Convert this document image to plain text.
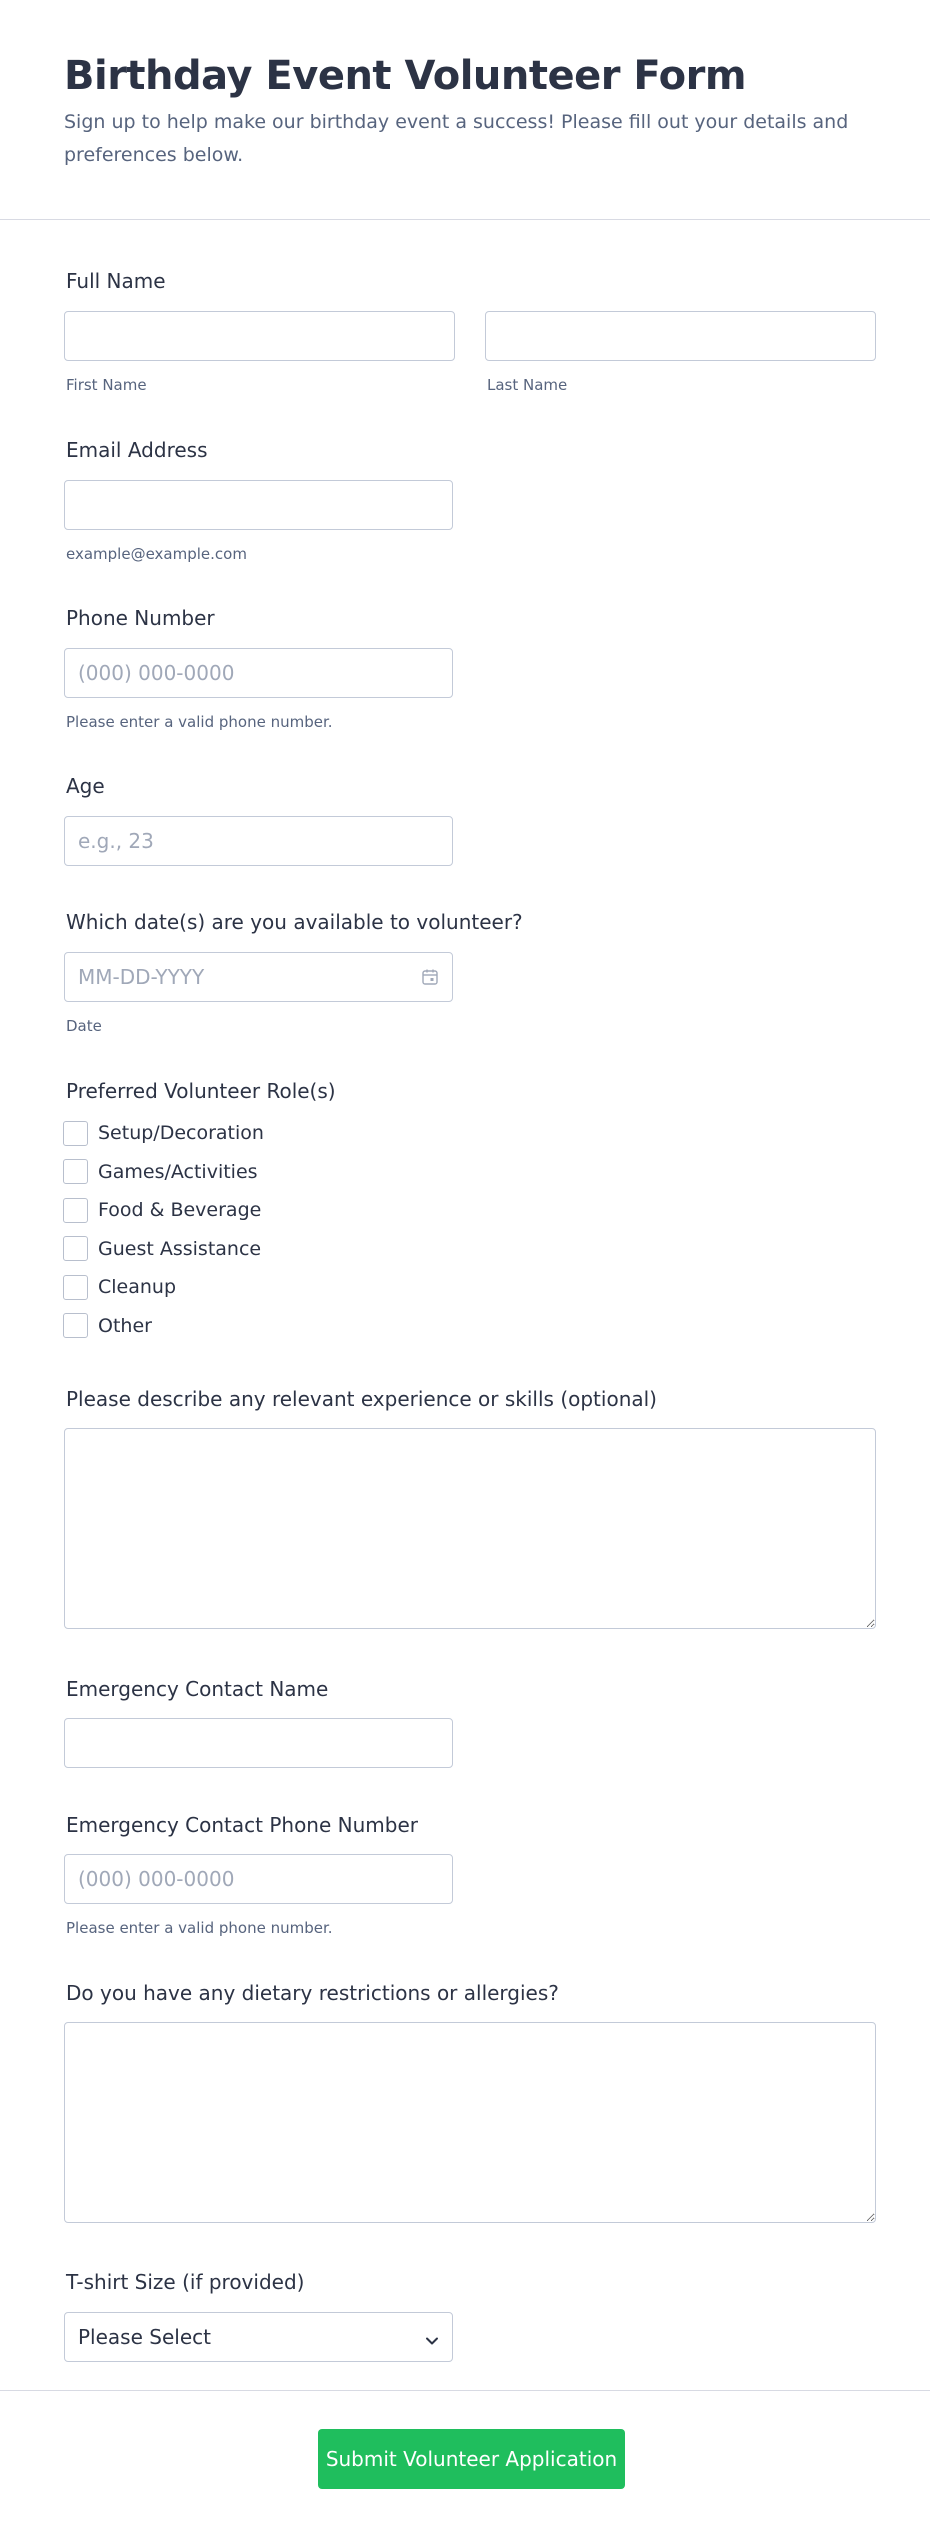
Birthday Event Volunteer Form

Sign up to help make our birthday event a success! Please fill out your details and preferences below.

Full Name
First Name	Last Name
Email Address
example@example.com
Phone Number
(000) 000-0000
Please enter a valid phone number.
Age
e.g., 23
Which date(s) are you available to volunteer?
MM-DD-YYYY
Date
Preferred Volunteer Role(s)
Setup/Decoration
Games/Activities
Food & Beverage
Guest Assistance
Cleanup
Other
Please describe any relevant experience or skills (optional)
Emergency Contact Name
Emergency Contact Phone Number
(000) 000-0000
Please enter a valid phone number.
Do you have any dietary restrictions or allergies?
T-shirt Size (if provided)
Please Select
Submit Volunteer Application
